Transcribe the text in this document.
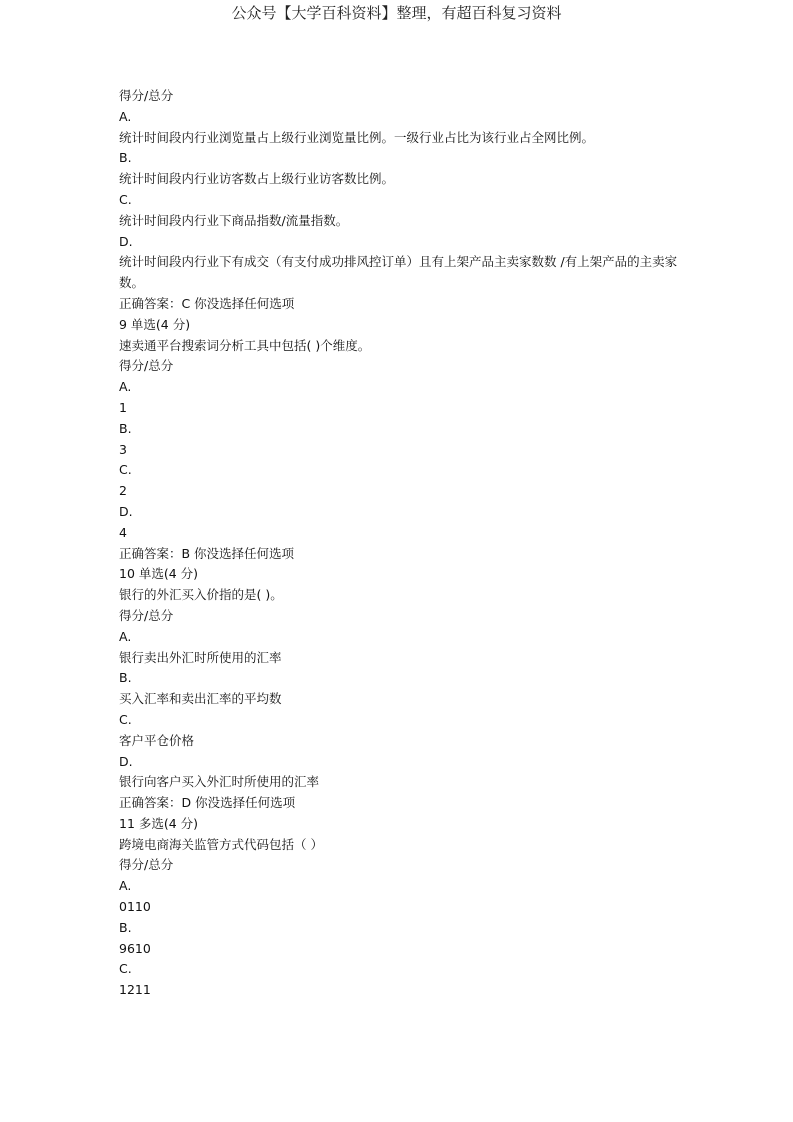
公众号【大学百科资料】整理，有超百科复习资料
得分/总分
A.
统计时间段内行业浏览量占上级行业浏览量比例。一级行业占比为该行业占全网比例。
B.
统计时间段内行业访客数占上级行业访客数比例。
C.
统计时间段内行业下商品指数/流量指数。
D.
统计时间段内行业下有成交（有支付成功排风控订单）且有上架产品主卖家数数 /有上架产品的主卖家数。
正确答案：C 你没选择任何选项
9 单选(4 分)
速卖通平台搜索词分析工具中包括( )个维度。
得分/总分
A.
1
B.
3
C.
2
D.
4
正确答案：B 你没选择任何选项
10 单选(4 分)
银行的外汇买入价指的是( )。
得分/总分
A.
银行卖出外汇时所使用的汇率
B.
买入汇率和卖出汇率的平均数
C.
客户平仓价格
D.
银行向客户买入外汇时所使用的汇率
正确答案：D 你没选择任何选项
11 多选(4 分)
跨境电商海关监管方式代码包括（ ）
得分/总分
A.
0110
B.
9610
C.
1211
